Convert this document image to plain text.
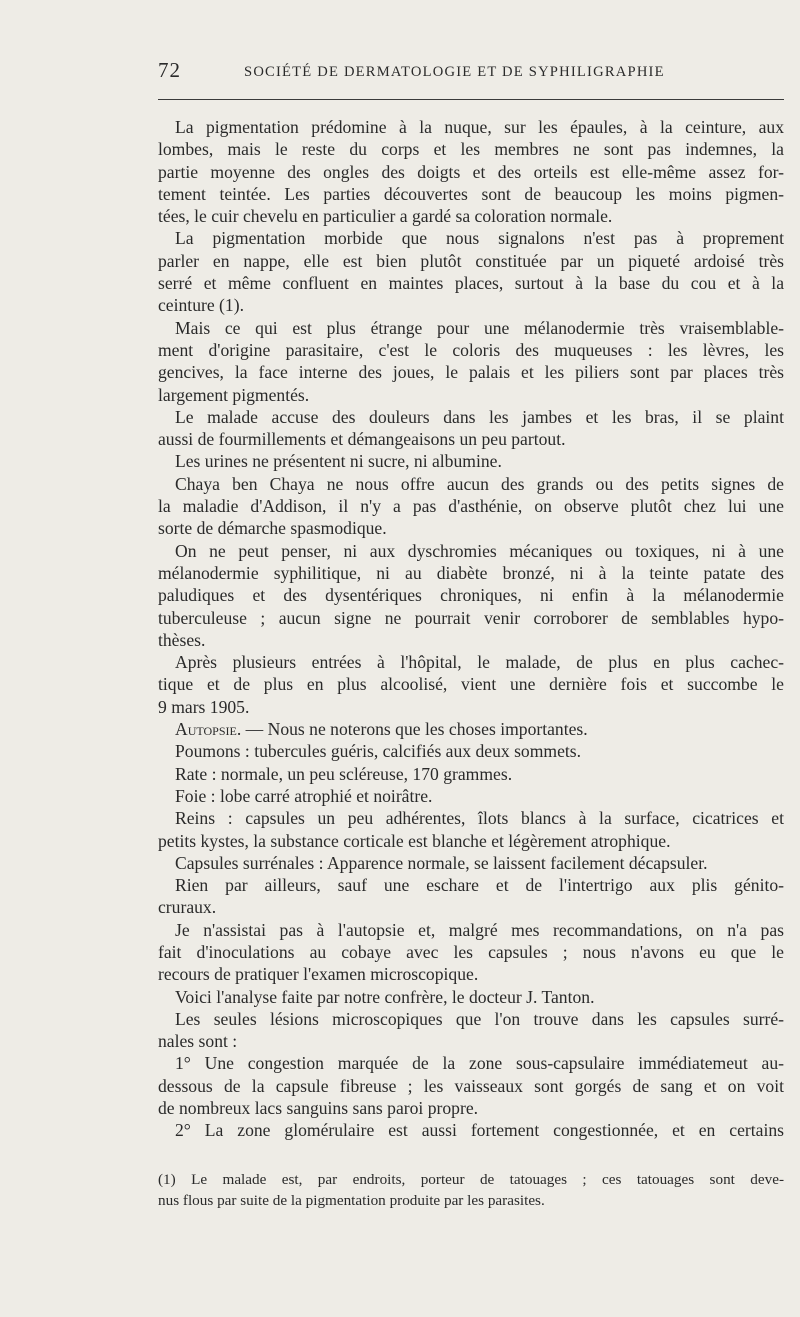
72	SOCIÉTÉ DE DERMATOLOGIE ET DE SYPHILIGRAPHIE
La pigmentation prédomine à la nuque, sur les épaules, à la ceinture, aux
lombes, mais le reste du corps et les membres ne sont pas indemnes, la
partie moyenne des ongles des doigts et des orteils est elle-même assez for-
tement teintée. Les parties découvertes sont de beaucoup les moins pigmen-
tées, le cuir chevelu en particulier a gardé sa coloration normale.
La pigmentation morbide que nous signalons n'est pas à proprement
parler en nappe, elle est bien plutôt constituée par un piqueté ardoisé très
serré et même confluent en maintes places, surtout à la base du cou et à la
ceinture (1).
Mais ce qui est plus étrange pour une mélanodermie très vraisemblable-
ment d'origine parasitaire, c'est le coloris des muqueuses : les lèvres, les
gencives, la face interne des joues, le palais et les piliers sont par places très
largement pigmentés.
Le malade accuse des douleurs dans les jambes et les bras, il se plaint
aussi de fourmillements et démangeaisons un peu partout.
Les urines ne présentent ni sucre, ni albumine.
Chaya ben Chaya ne nous offre aucun des grands ou des petits signes de
la maladie d'Addison, il n'y a pas d'asthénie, on observe plutôt chez lui une
sorte de démarche spasmodique.
On ne peut penser, ni aux dyschromies mécaniques ou toxiques, ni à une
mélanodermie syphilitique, ni au diabète bronzé, ni à la teinte patate des
paludiques et des dysentériques chroniques, ni enfin à la mélanodermie
tuberculeuse ; aucun signe ne pourrait venir corroborer de semblables hypo-
thèses.
Après plusieurs entrées à l'hôpital, le malade, de plus en plus cachec-
tique et de plus en plus alcoolisé, vient une dernière fois et succombe le
9 mars 1905.
Autopsie. — Nous ne noterons que les choses importantes.
Poumons : tubercules guéris, calcifiés aux deux sommets.
Rate : normale, un peu scléreuse, 170 grammes.
Foie : lobe carré atrophié et noirâtre.
Reins : capsules un peu adhérentes, îlots blancs à la surface, cicatrices et
petits kystes, la substance corticale est blanche et légèrement atrophique.
Capsules surrénales : Apparence normale, se laissent facilement décapsuler.
Rien par ailleurs, sauf une eschare et de l'intertrigo aux plis génito-
cruraux.
Je n'assistai pas à l'autopsie et, malgré mes recommandations, on n'a pas
fait d'inoculations au cobaye avec les capsules ; nous n'avons eu que le
recours de pratiquer l'examen microscopique.
Voici l'analyse faite par notre confrère, le docteur J. Tanton.
Les seules lésions microscopiques que l'on trouve dans les capsules surré-
nales sont :
1° Une congestion marquée de la zone sous-capsulaire immédiatemeut au-
dessous de la capsule fibreuse ; les vaisseaux sont gorgés de sang et on voit
de nombreux lacs sanguins sans paroi propre.
2° La zone glomérulaire est aussi fortement congestionnée, et en certains
(1) Le malade est, par endroits, porteur de tatouages ; ces tatouages sont deve-
nus flous par suite de la pigmentation produite par les parasites.
